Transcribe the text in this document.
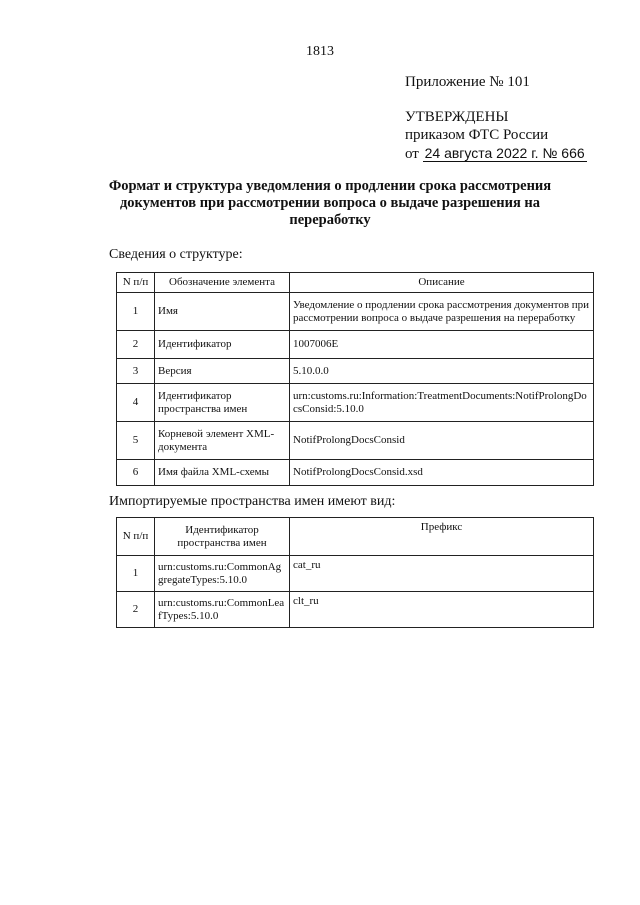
1813
Приложение № 101
УТВЕРЖДЕНЫ
приказом ФТС России
от 24 августа 2022 г. № 666
Формат и структура уведомления о продлении срока рассмотрения документов при рассмотрении вопроса о выдаче разрешения на переработку
Сведения о структуре:
N п/п	Обозначение элемента	Описание
1	Имя	Уведомление о продлении срока рассмотрения документов при рассмотрении вопроса о выдаче разрешения на переработку
2	Идентификатор	1007006E
3	Версия	5.10.0.0
4	Идентификатор пространства имен	urn:customs.ru:Information:TreatmentDocuments:NotifProlongDocsConsid:5.10.0
5	Корневой элемент XML-документа	NotifProlongDocsConsid
6	Имя файла XML-схемы	NotifProlongDocsConsid.xsd
Импортируемые пространства имен имеют вид:
N п/п	Идентификатор пространства имен	Префикс
1	urn:customs.ru:CommonAggregateTypes:5.10.0	cat_ru
2	urn:customs.ru:CommonLeafTypes:5.10.0	clt_ru
